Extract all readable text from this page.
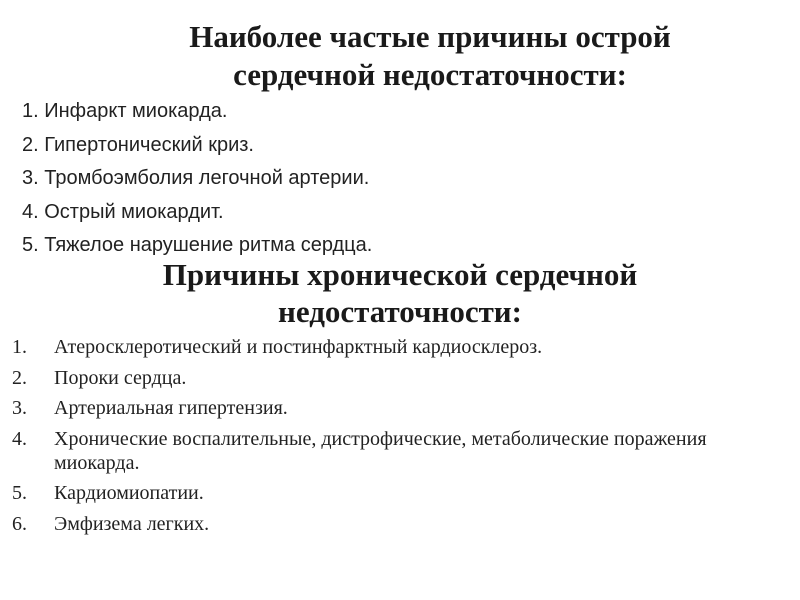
Наиболее частые причины острой
сердечной недостаточности:
1. Инфаркт миокарда.
2. Гипертонический криз.
3. Тромбоэмболия легочной артерии.
4. Острый миокардит.
5. Тяжелое нарушение ритма сердца.
Причины хронической сердечной
недостаточности:
1.	Атеросклеротический и постинфарктный кардиосклероз.
2.	Пороки сердца.
3.	Артериальная гипертензия.
4.	Хронические воспалительные, дистрофические, метаболические поражения миокарда.
5.	Кардиомиопатии.
6.	Эмфизема легких.
